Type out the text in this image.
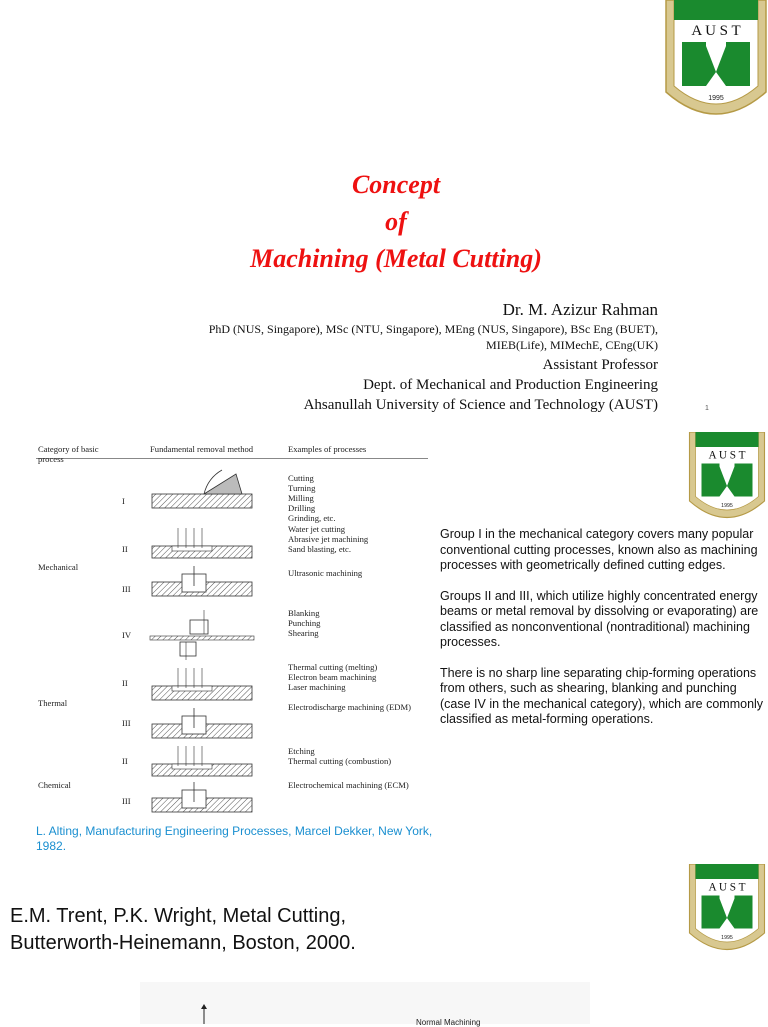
A U S T
1995
Concept
of
Machining (Metal Cutting)
Dr. M. Azizur Rahman
PhD (NUS, Singapore), MSc (NTU, Singapore), MEng (NUS, Singapore), BSc Eng (BUET),
MIEB(Life), MIMechE, CEng(UK)
Assistant Professor
Dept. of Mechanical and Production Engineering
Ahsanullah University of Science and Technology (AUST)	1
A U S T
1995
Category of basic process
Fundamental removal method	Examples of processes
Mechanical
Thermal
Chemical
I
II
III
IV
II
III
II
III
Cutting
Turning
Milling
Drilling
Grinding, etc.
Water jet cutting
Abrasive jet machining
Sand blasting, etc.
Ultrasonic machining
Blanking
Punching
Shearing
Thermal cutting (melting)
Electron beam machining
Laser machining
Electrodischarge machining (EDM)
Etching
Thermal cutting (combustion)
Electrochemical machining (ECM)

Group I in the mechanical category covers many popular conventional cutting processes, known also as machining processes with geometrically defined cutting edges.

Groups II and III, which utilize highly concentrated energy beams or metal removal by dissolving or evaporating) are classified as nonconventional (nontraditional) machining processes.

There is no sharp line separating chip-forming operations from others, such as shearing, blanking and punching (case IV in the mechanical category), which are commonly classified as metal-forming operations.

L. Alting, Manufacturing Engineering Processes, Marcel Dekker, New York, 1982.
A U S T
1995
E.M. Trent, P.K. Wright, Metal Cutting,
Butterworth-Heinemann, Boston, 2000.
Normal Machining
